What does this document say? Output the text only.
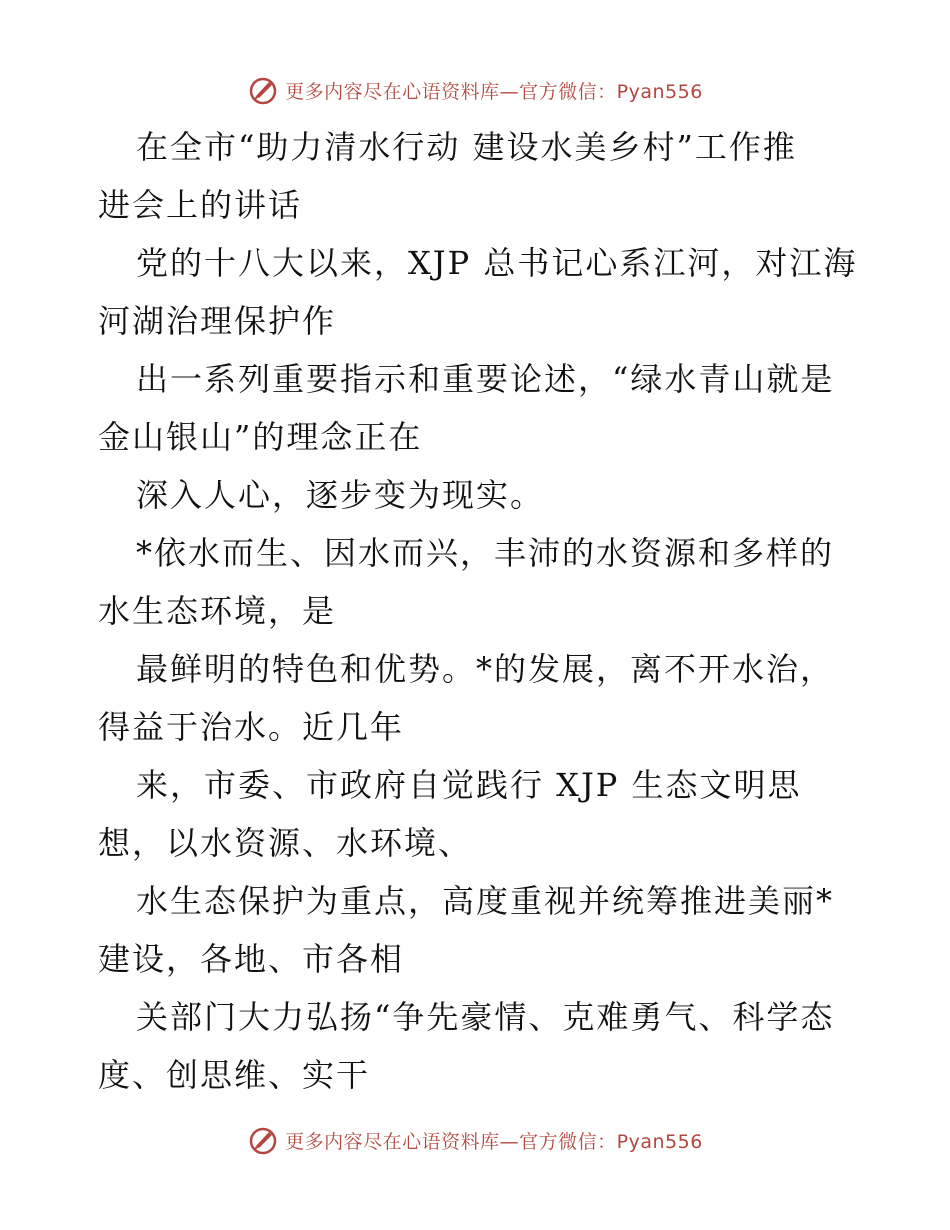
更多内容尽在心语资料库—官方微信：Pyan556

在全市“助力清水行动 建设水美乡村”工作推
进会上的讲话

党的十八大以来，XJP 总书记心系江河，对江海
河湖治理保护作

出一系列重要指示和重要论述，“绿水青山就是
金山银山”的理念正在

深入人心，逐步变为现实。

*依水而生、因水而兴，丰沛的水资源和多样的
水生态环境，是

最鲜明的特色和优势。*的发展，离不开水治，
得益于治水。近几年

来，市委、市政府自觉践行 XJP 生态文明思
想，以水资源、水环境、

水生态保护为重点，高度重视并统筹推进美丽*
建设，各地、市各相

关部门大力弘扬“争先豪情、克难勇气、科学态
度、创思维、实干

更多内容尽在心语资料库—官方微信：Pyan556
